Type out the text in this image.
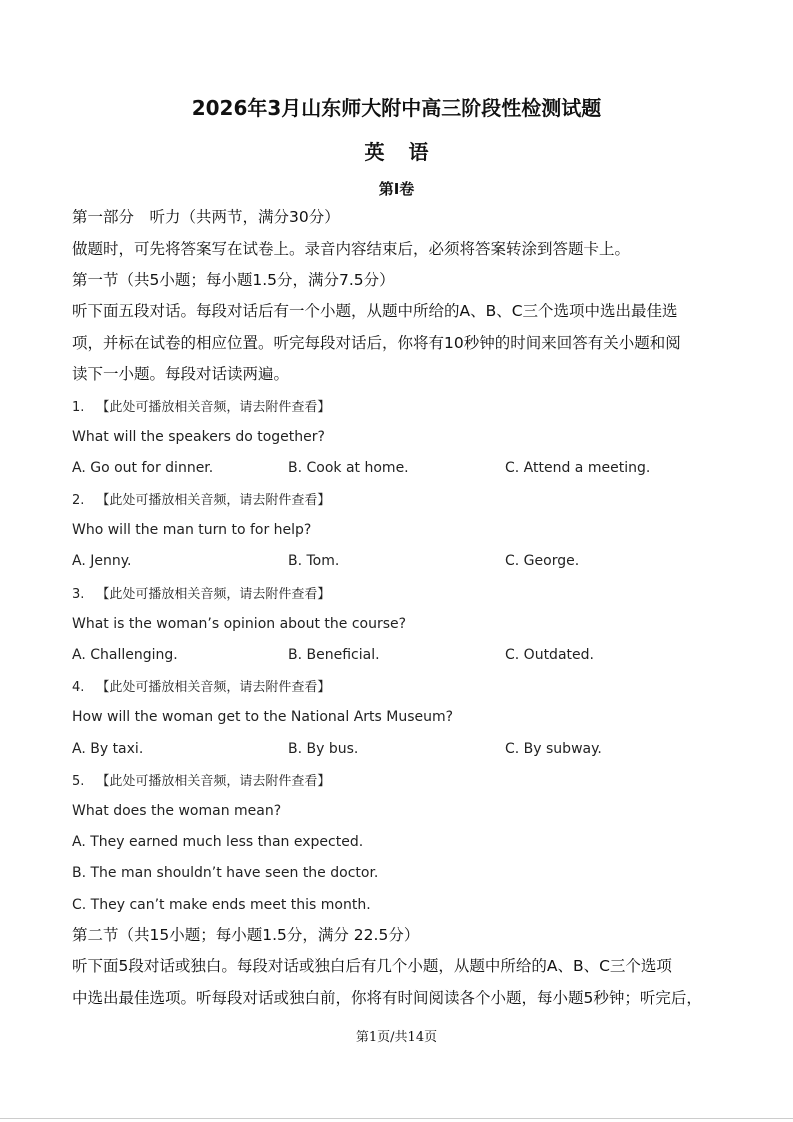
2026年3月山东师大附中高三阶段性检测试题
英语
第I卷
第一部分　听力（共两节，满分30分）
做题时，可先将答案写在试卷上。录音内容结束后，必须将答案转涂到答题卡上。
第一节（共5小题；每小题1.5分，满分7.5分）
听下面五段对话。每段对话后有一个小题，从题中所给的A、B、C三个选项中选出最佳选
项，并标在试卷的相应位置。听完每段对话后，你将有10秒钟的时间来回答有关小题和阅
读下一小题。每段对话读两遍。
1. 【此处可播放相关音频，请去附件查看】
What will the speakers do together?
A. Go out for dinner.	B. Cook at home.	C. Attend a meeting.
2. 【此处可播放相关音频，请去附件查看】
Who will the man turn to for help?
A. Jenny.	B. Tom.	C. George.
3. 【此处可播放相关音频，请去附件查看】
What is the woman’s opinion about the course?
A. Challenging.	B. Beneficial.	C. Outdated.
4. 【此处可播放相关音频，请去附件查看】
How will the woman get to the National Arts Museum?
A. By taxi.	B. By bus.	C. By subway.
5. 【此处可播放相关音频，请去附件查看】
What does the woman mean?
A. They earned much less than expected.
B. The man shouldn’t have seen the doctor.
C. They can’t make ends meet this month.
第二节（共15小题；每小题1.5分，满分 22.5分）
听下面5段对话或独白。每段对话或独白后有几个小题，从题中所给的A、B、C三个选项
中选出最佳选项。听每段对话或独白前，你将有时间阅读各个小题，每小题5秒钟；听完后，
第1页/共14页
